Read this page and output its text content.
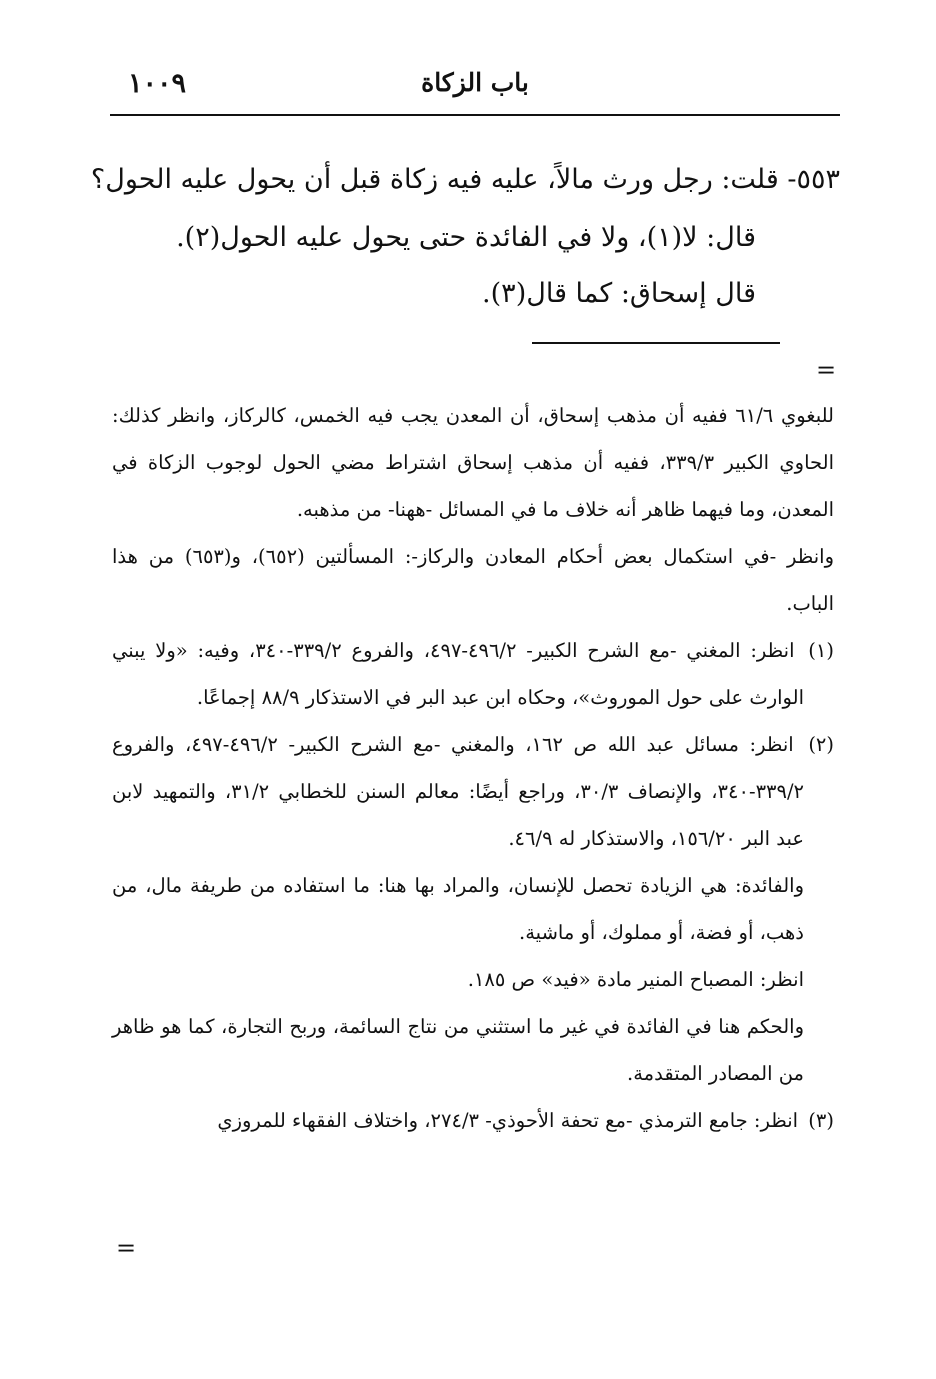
١٠٠٩	باب الزكاة
٥٥٣- قلت: رجل ورث مالاً، عليه فيه زكاة قبل أن يحول عليه الحول؟
قال: لا(١)، ولا في الفائدة حتى يحول عليه الحول(٢).
قال إسحاق: كما قال(٣).
=

للبغوي ٦١/٦ ففيه أن مذهب إسحاق، أن المعدن يجب فيه الخمس، كالركاز، وانظر كذلك: الحاوي الكبير ٣٣٩/٣، ففيه أن مذهب إسحاق اشتراط مضي الحول لوجوب الزكاة في المعدن، وما فيهما ظاهر أنه خلاف ما في المسائل -ههنا- من مذهبه.

وانظر -في استكمال بعض أحكام المعادن والركاز-: المسألتين (٦٥٢)، و(٦٥٣) من هذا الباب.

(١) انظر: المغني -مع الشرح الكبير- ٤٩٦/٢-٤٩٧، والفروع ٣٣٩/٢-٣٤٠، وفيه: «ولا يبني الوارث على حول الموروث»، وحكاه ابن عبد البر في الاستذكار ٨٨/٩ إجماعًا.

(٢) انظر: مسائل عبد الله ص ١٦٢، والمغني -مع الشرح الكبير- ٤٩٦/٢-٤٩٧، والفروع ٣٣٩/٢-٣٤٠، والإنصاف ٣٠/٣، وراجع أيضًا: معالم السنن للخطابي ٣١/٢، والتمهيد لابن عبد البر ١٥٦/٢٠، والاستذكار له ٤٦/٩.

والفائدة: هي الزيادة تحصل للإنسان، والمراد بها هنا: ما استفاده من طريفة مال، من ذهب، أو فضة، أو مملوك، أو ماشية.

انظر: المصباح المنير مادة «فيد» ص ١٨٥.

والحكم هنا في الفائدة في غير ما استثني من نتاج السائمة، وربح التجارة، كما هو ظاهر من المصادر المتقدمة.

(٣) انظر: جامع الترمذي -مع تحفة الأحوذي- ٢٧٤/٣، واختلاف الفقهاء للمروزي

=
